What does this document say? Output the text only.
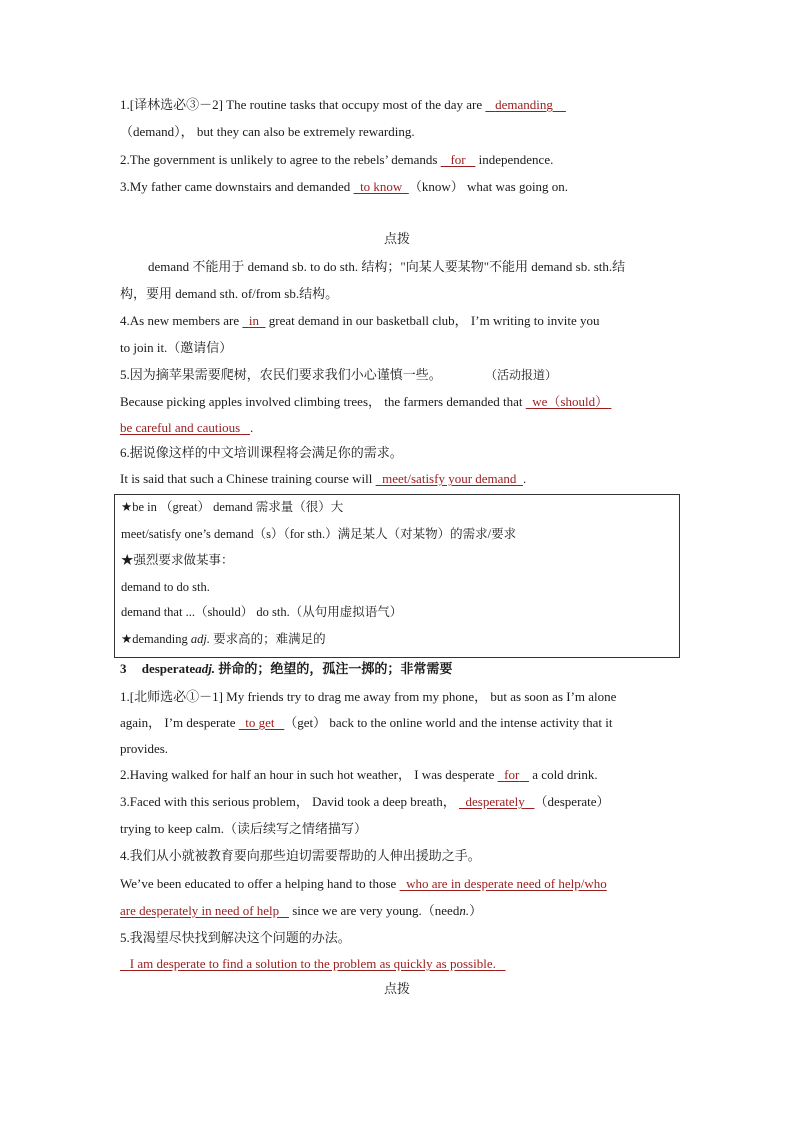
1.[译林选必③－2] The routine tasks that occupy most of the day are demanding
（demand）， but they can also be extremely rewarding.
2.The government is unlikely to agree to the rebels’ demands for independence.
3.My father came downstairs and demanded to know （know） what was going on.
点拨
demand 不能用于 demand sb. to do sth. 结构；"向某人要某物"不能用 demand sb. sth.结
构，要用 demand sth. of/from sb.结构。
4.As new members are in great demand in our basketball club， I’m writing to invite you
to join it.（邀请信）
5.因为摘苹果需要爬树，农民们要求我们小心谨慎一些。	（活动报道）
Because picking apples involved climbing trees， the farmers demanded that we（should）
be careful and cautious .
6.据说像这样的中文培训课程将会满足你的需求。
It is said that such a Chinese training course will meet/satisfy your demand .
★be in （great） demand 需求量（很）大
meet/satisfy one’s demand（s）（for sth.）满足某人（对某物）的需求/要求
★强烈要求做某事：
demand to do sth.
demand that ...（should） do sth.（从句用虚拟语气）
★demanding adj. 要求高的；难满足的
3 desperateadj. 拼命的；绝望的，孤注一掷的；非常需要
1.[北师选必①－1] My friends try to drag me away from my phone， but as soon as I’m alone
again， I’m desperate to get （get） back to the online world and the intense activity that it
provides.
2.Having walked for half an hour in such hot weather， I was desperate for a cold drink.
3.Faced with this serious problem， David took a deep breath， desperately （desperate）
trying to keep calm.（读后续写之情绪描写）
4.我们从小就被教育要向那些迫切需要帮助的人伸出援助之手。
We’ve been educated to offer a helping hand to those who are in desperate need of help/who
are desperately in need of help since we are very young.（needn.）
5.我渴望尽快找到解决这个问题的办法。
I am desperate to find a solution to the problem as quickly as possible.
点拨
